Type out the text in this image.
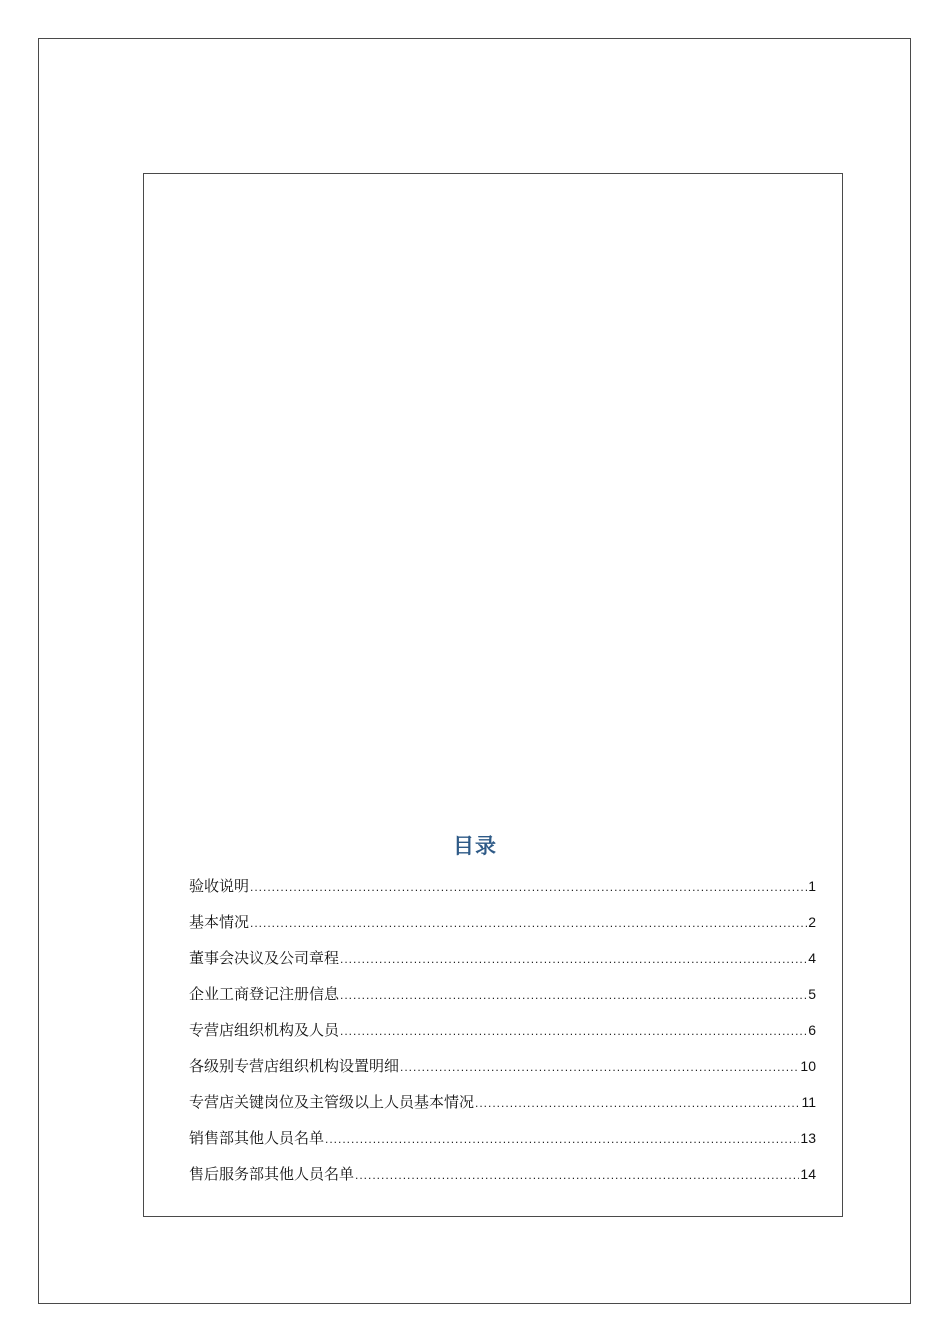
目录
验收说明 .....	1
基本情况 .....	2
董事会决议及公司章程 .....	4
企业工商登记注册信息 .....	5
专营店组织机构及人员 .....	6
各级别专营店组织机构设置明细 .....	10
专营店关键岗位及主管级以上人员基本情况 .....	11
销售部其他人员名单 .....	13
售后服务部其他人员名单 .....	14
